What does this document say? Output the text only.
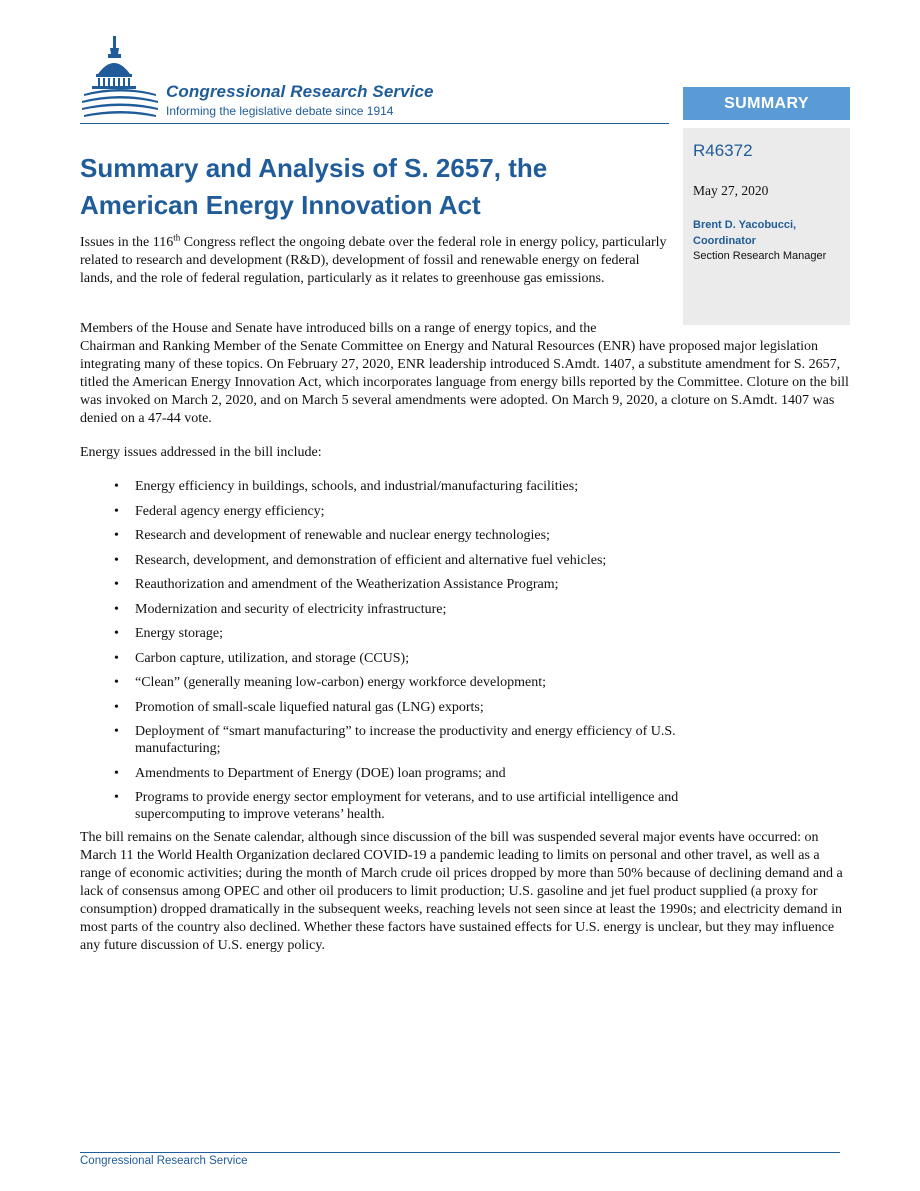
Congressional Research Service
Informing the legislative debate since 1914	SUMMARY
R46372
May 27, 2020
Brent D. Yacobucci,
Coordinator
Section Research Manager
Summary and Analysis of S. 2657, the
American Energy Innovation Act

Issues in the 116th Congress reflect the ongoing debate over the federal role in energy policy, particularly related to research and development (R&D), development of fossil and renewable energy on federal lands, and the role of federal regulation, particularly as it relates to greenhouse gas emissions.

Members of the House and Senate have introduced bills on a range of energy topics, and the

Chairman and Ranking Member of the Senate Committee on Energy and Natural Resources (ENR) have proposed major legislation integrating many of these topics. On February 27, 2020, ENR leadership introduced S.Amdt. 1407, a substitute amendment for S. 2657, titled the American Energy Innovation Act, which incorporates language from energy bills reported by the Committee. Cloture on the bill was invoked on March 2, 2020, and on March 5 several amendments were adopted. On March 9, 2020, a cloture on S.Amdt. 1407 was denied on a 47-44 vote.

Energy issues addressed in the bill include:

• Energy efficiency in buildings, schools, and industrial/manufacturing facilities;
• Federal agency energy efficiency;
• Research and development of renewable and nuclear energy technologies;
• Research, development, and demonstration of efficient and alternative fuel vehicles;
• Reauthorization and amendment of the Weatherization Assistance Program;
• Modernization and security of electricity infrastructure;
• Energy storage;
• Carbon capture, utilization, and storage (CCUS);
• “Clean” (generally meaning low-carbon) energy workforce development;
• Promotion of small-scale liquefied natural gas (LNG) exports;
• Deployment of “smart manufacturing” to increase the productivity and energy efficiency of U.S. manufacturing;
• Amendments to Department of Energy (DOE) loan programs; and
• Programs to provide energy sector employment for veterans, and to use artificial intelligence and supercomputing to improve veterans’ health.

The bill remains on the Senate calendar, although since discussion of the bill was suspended several major events have occurred: on March 11 the World Health Organization declared COVID-19 a pandemic leading to limits on personal and other travel, as well as a range of economic activities; during the month of March crude oil prices dropped by more than 50% because of declining demand and a lack of consensus among OPEC and other oil producers to limit production; U.S. gasoline and jet fuel product supplied (a proxy for consumption) dropped dramatically in the subsequent weeks, reaching levels not seen since at least the 1990s; and electricity demand in most parts of the country also declined. Whether these factors have sustained effects for U.S. energy is unclear, but they may influence any future discussion of U.S. energy policy.

Congressional Research Service
